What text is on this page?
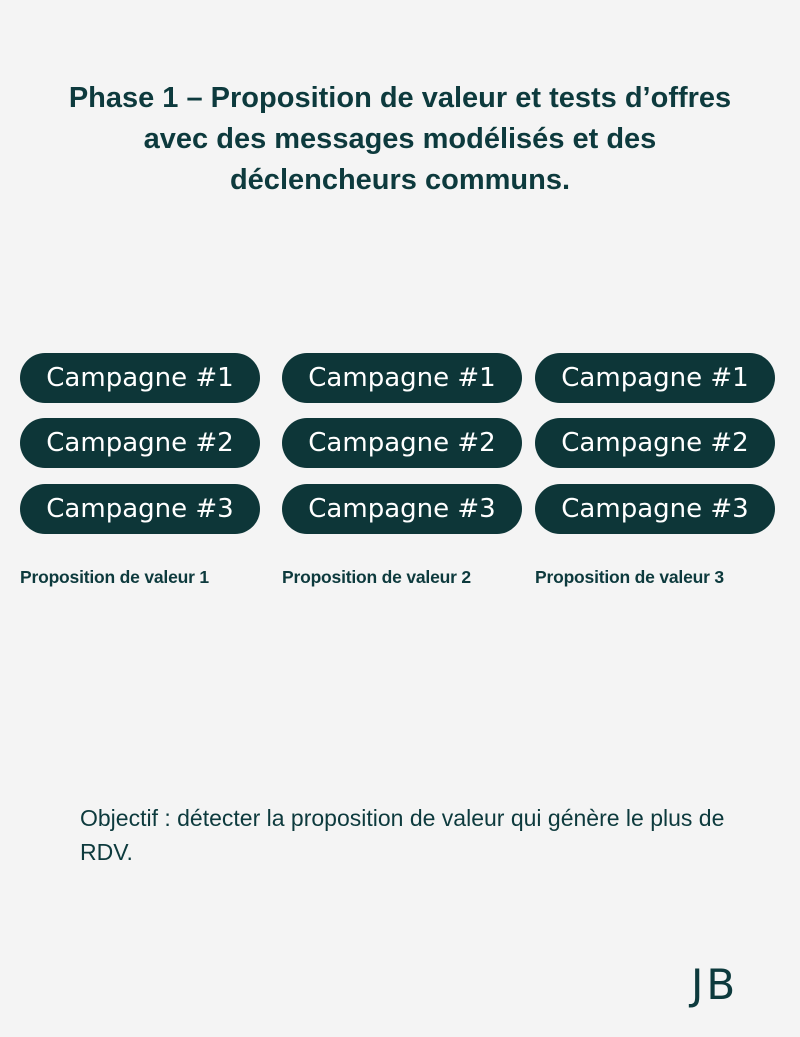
Phase 1 – Proposition de valeur et tests d’offres avec des messages modélisés et des déclencheurs communs.
Campagne #1
Campagne #2
Campagne #3
Proposition de valeur 1
Campagne #1
Campagne #2
Campagne #3
Proposition de valeur 2
Campagne #1
Campagne #2
Campagne #3
Proposition de valeur 3

Objectif : détecter la proposition de valeur qui génère le plus de RDV.

JB
